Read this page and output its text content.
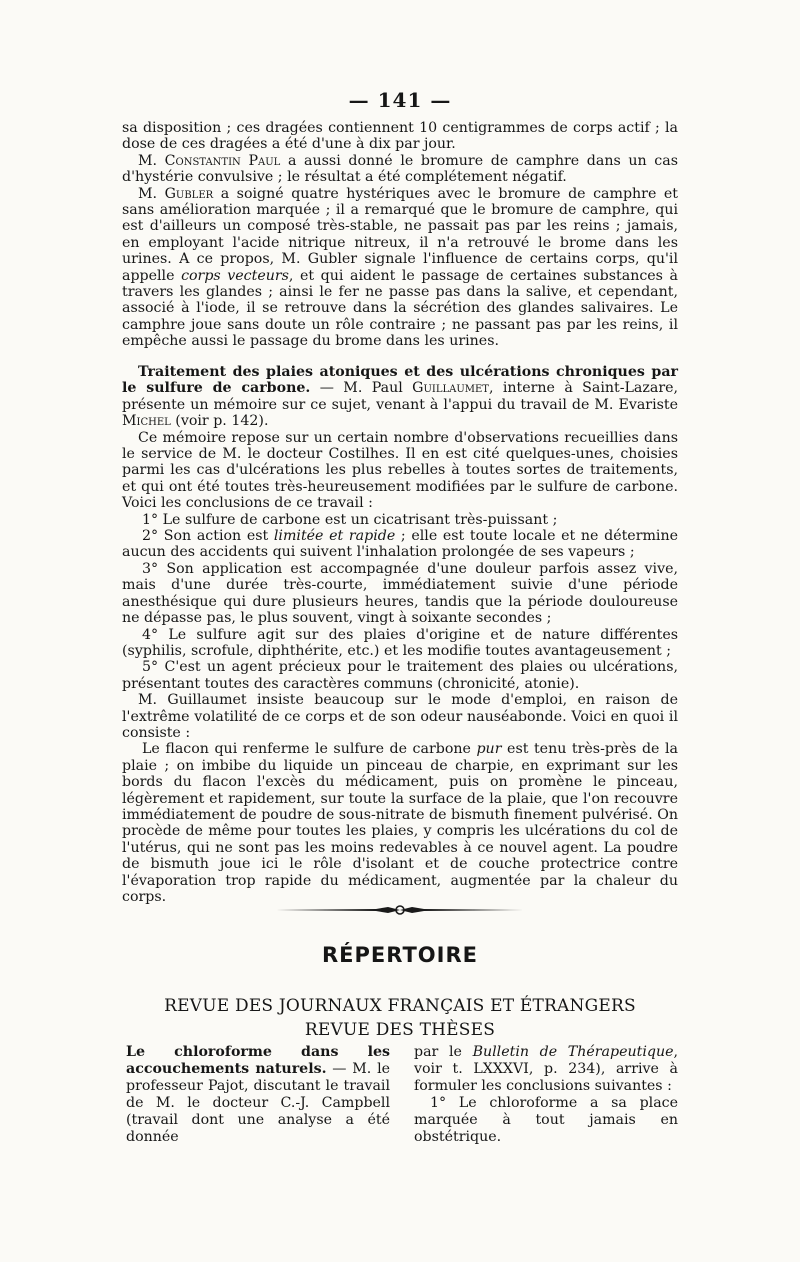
— 141 —

sa disposition ; ces dragées contiennent 10 centigrammes de corps actif ; la dose de ces dragées a été d'une à dix par jour.

M. Constantin Paul a aussi donné le bromure de camphre dans un cas d'hystérie convulsive ; le résultat a été complétement négatif.

M. Gubler a soigné quatre hystériques avec le bromure de camphre et sans amélioration marquée ; il a remarqué que le bromure de camphre, qui est d'ailleurs un composé très-stable, ne passait pas par les reins ; jamais, en employant l'acide nitrique nitreux, il n'a retrouvé le brome dans les urines. A ce propos, M. Gubler signale l'influence de certains corps, qu'il appelle corps vecteurs, et qui aident le passage de certaines substances à travers les glandes ; ainsi le fer ne passe pas dans la salive, et cependant, associé à l'iode, il se retrouve dans la sécrétion des glandes salivaires. Le camphre joue sans doute un rôle contraire ; ne passant pas par les reins, il empêche aussi le passage du brome dans les urines.

Traitement des plaies atoniques et des ulcérations chroniques par le sulfure de carbone. — M. Paul Guillaumet, interne à Saint-Lazare, présente un mémoire sur ce sujet, venant à l'appui du travail de M. Evariste Michel (voir p. 142).

Ce mémoire repose sur un certain nombre d'observations recueillies dans le service de M. le docteur Costilhes. Il en est cité quelques-unes, choisies parmi les cas d'ulcérations les plus rebelles à toutes sortes de traitements, et qui ont été toutes très-heureusement modifiées par le sulfure de carbone. Voici les conclusions de ce travail :

1° Le sulfure de carbone est un cicatrisant très-puissant ;

2° Son action est limitée et rapide ; elle est toute locale et ne détermine aucun des accidents qui suivent l'inhalation prolongée de ses vapeurs ;

3° Son application est accompagnée d'une douleur parfois assez vive, mais d'une durée très-courte, immédiatement suivie d'une période anesthésique qui dure plusieurs heures, tandis que la période douloureuse ne dépasse pas, le plus souvent, vingt à soixante secondes ;

4° Le sulfure agit sur des plaies d'origine et de nature différentes (syphilis, scrofule, diphthérite, etc.) et les modifie toutes avantageusement ;

5° C'est un agent précieux pour le traitement des plaies ou ulcérations, présentant toutes des caractères communs (chronicité, atonie).

M. Guillaumet insiste beaucoup sur le mode d'emploi, en raison de l'extrême volatilité de ce corps et de son odeur nauséabonde. Voici en quoi il consiste :

Le flacon qui renferme le sulfure de carbone pur est tenu très-près de la plaie ; on imbibe du liquide un pinceau de charpie, en exprimant sur les bords du flacon l'excès du médicament, puis on promène le pinceau, légèrement et rapidement, sur toute la surface de la plaie, que l'on recouvre immédiatement de poudre de sous-nitrate de bismuth finement pulvérisé. On procède de même pour toutes les plaies, y compris les ulcérations du col de l'utérus, qui ne sont pas les moins redevables à ce nouvel agent. La poudre de bismuth joue ici le rôle d'isolant et de couche protectrice contre l'évaporation trop rapide du médicament, augmentée par la chaleur du corps.

RÉPERTOIRE
REVUE DES JOURNAUX FRANÇAIS ET ÉTRANGERS
REVUE DES THÈSES

Le chloroforme dans les accouchements naturels. — M. le professeur Pajot, discutant le travail de M. le docteur C.-J. Campbell (travail dont une analyse a été donnée

par le Bulletin de Thérapeutique, voir t. LXXXVI, p. 234), arrive à formuler les conclusions suivantes :

1° Le chloroforme a sa place marquée à tout jamais en obstétrique.
